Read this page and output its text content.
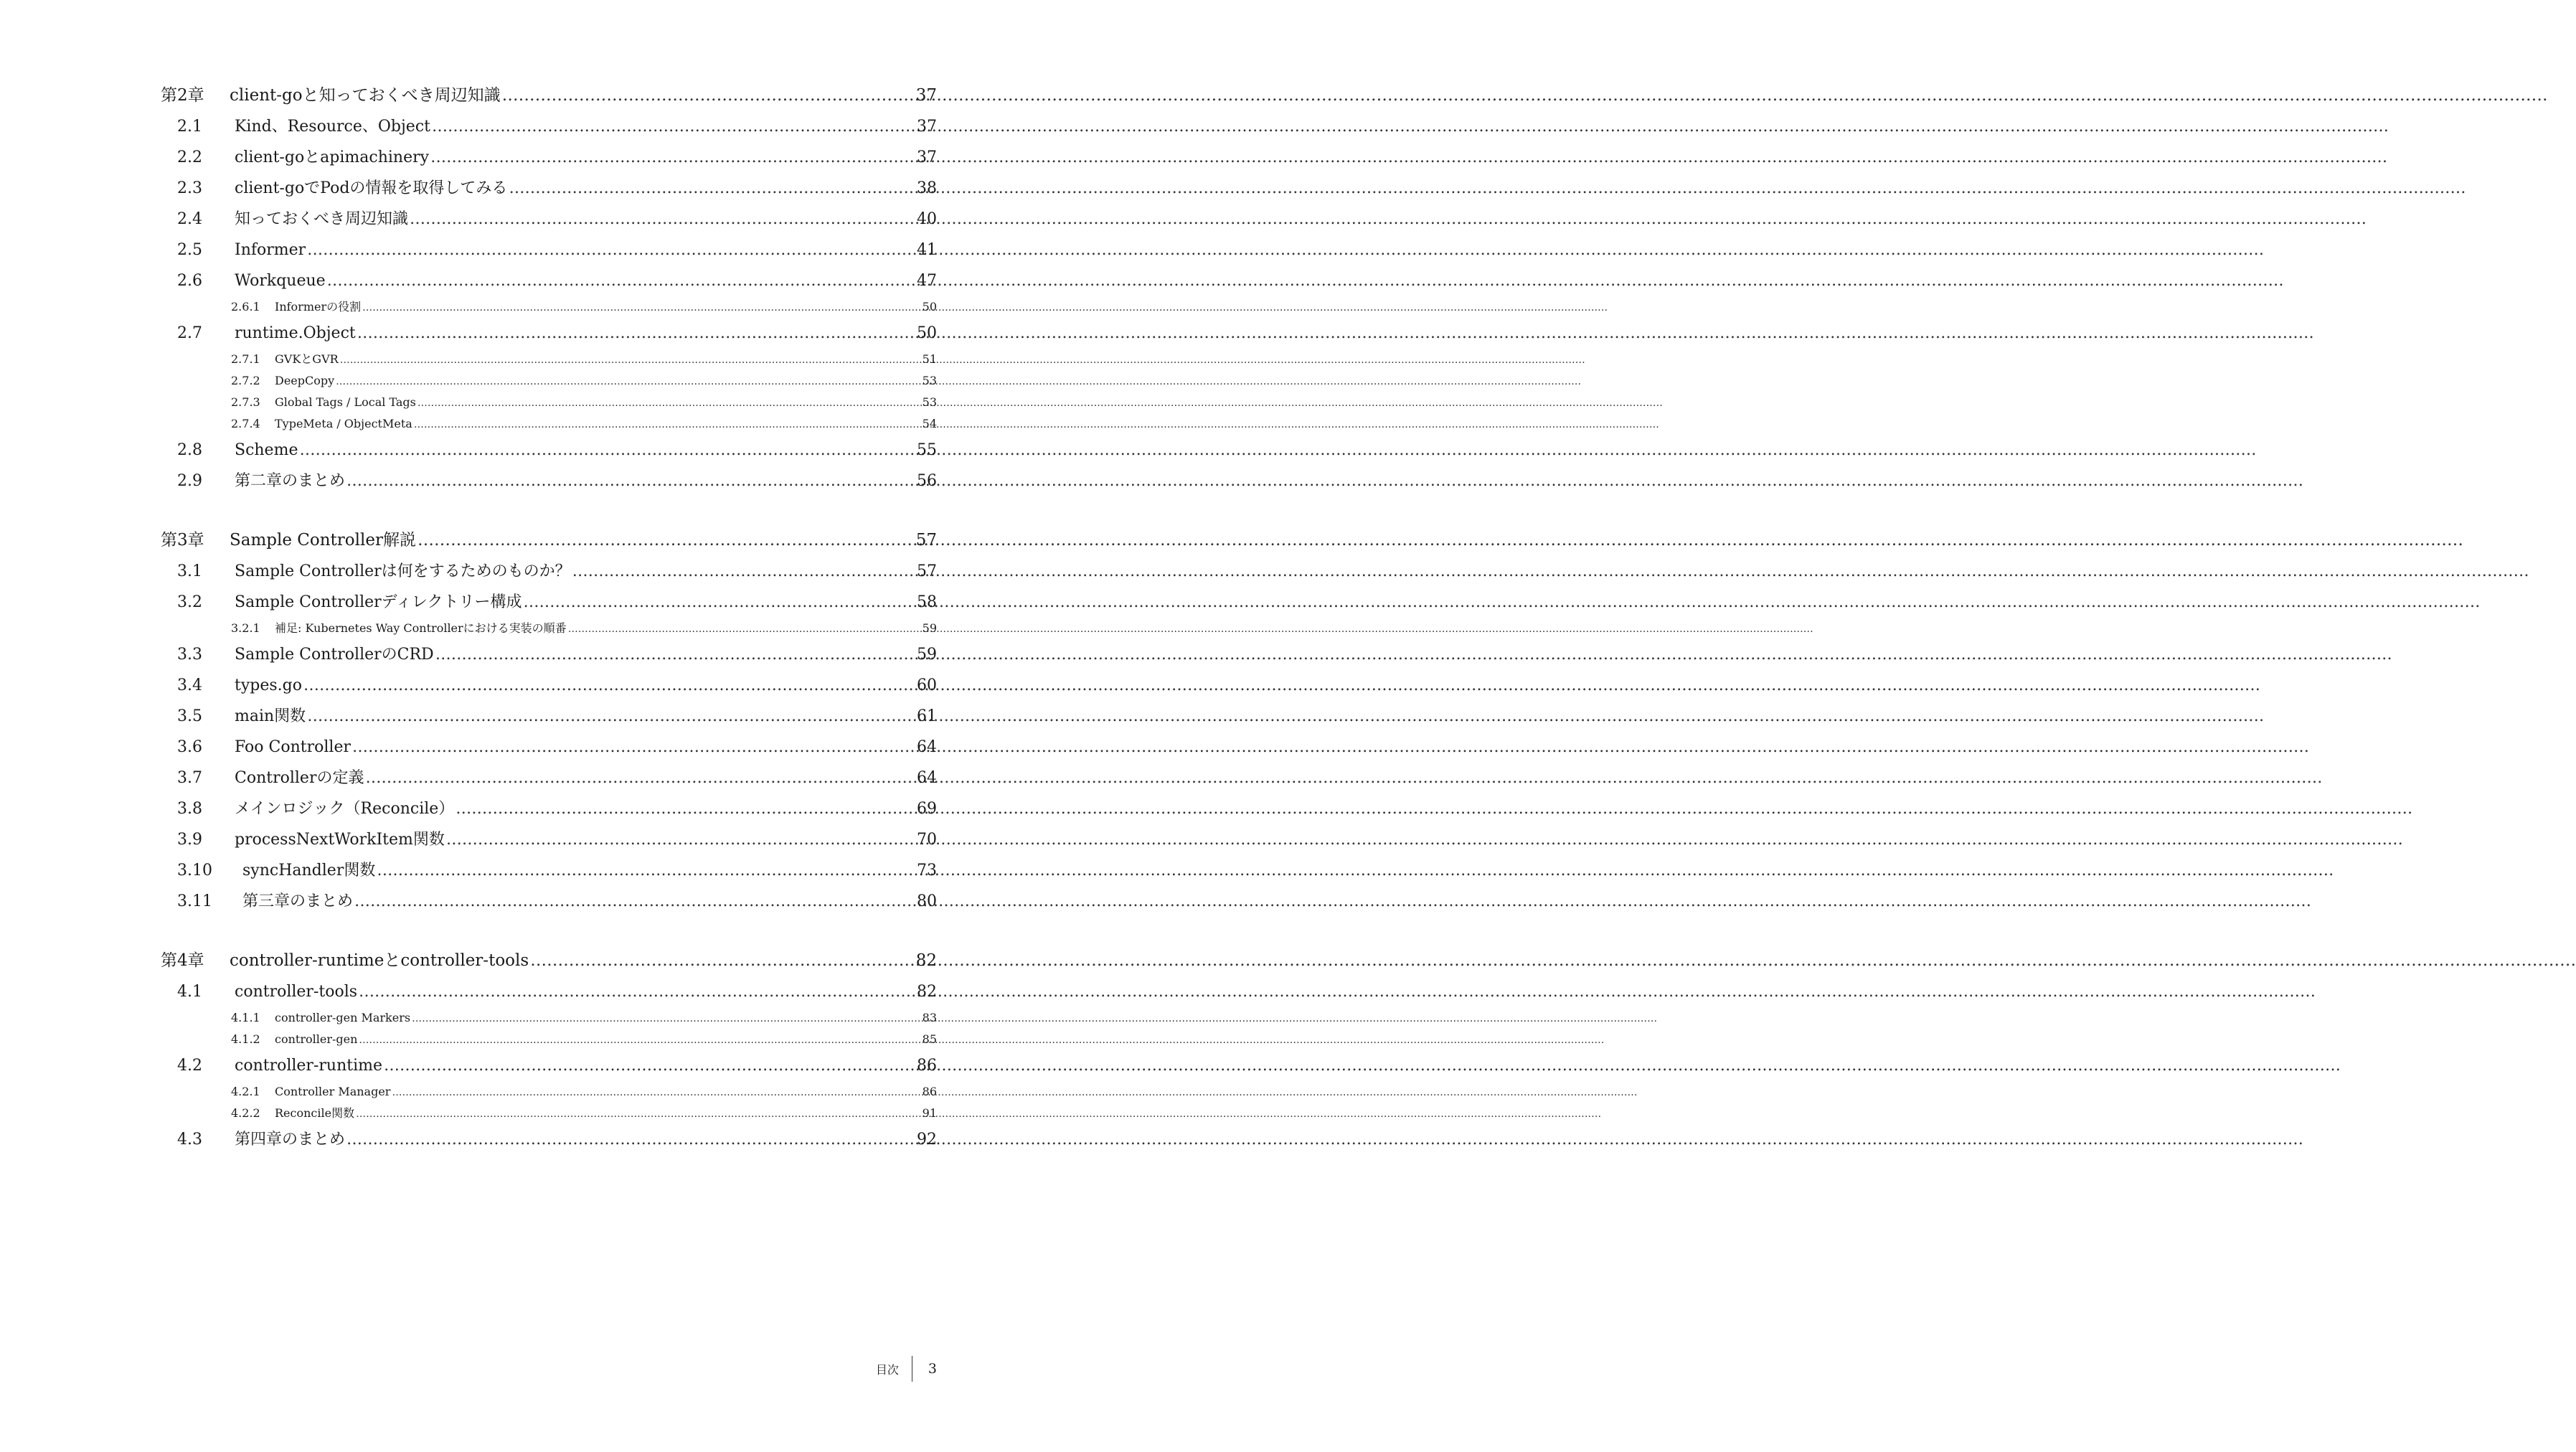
第2章	client-goと知っておくべき周辺知識 …………………………………………………………………………………………………………………………………………………………………………………………………………………………………………………………………………………………………………………………………………	37
2.1	Kind、Resource、Object …………………………………………………………………………………………………………………………………………………………………………………………………………………………………………………………………………………………………………………………………………	37
2.2	client-goとapimachinery …………………………………………………………………………………………………………………………………………………………………………………………………………………………………………………………………………………………………………………………………………	37
2.3	client-goでPodの情報を取得してみる …………………………………………………………………………………………………………………………………………………………………………………………………………………………………………………………………………………………………………………………………………	38
2.4	知っておくべき周辺知識 …………………………………………………………………………………………………………………………………………………………………………………………………………………………………………………………………………………………………………………………………………	40
2.5	Informer …………………………………………………………………………………………………………………………………………………………………………………………………………………………………………………………………………………………………………………………………………	41
2.6	Workqueue …………………………………………………………………………………………………………………………………………………………………………………………………………………………………………………………………………………………………………………………………………	47
2.6.1	Informerの役割 …………………………………………………………………………………………………………………………………………………………………………………………………………………………………………………………………………………………………………………………………………	50
2.7	runtime.Object …………………………………………………………………………………………………………………………………………………………………………………………………………………………………………………………………………………………………………………………………………	50
2.7.1	GVKとGVR …………………………………………………………………………………………………………………………………………………………………………………………………………………………………………………………………………………………………………………………………………	51
2.7.2	DeepCopy …………………………………………………………………………………………………………………………………………………………………………………………………………………………………………………………………………………………………………………………………………	53
2.7.3	Global Tags / Local Tags …………………………………………………………………………………………………………………………………………………………………………………………………………………………………………………………………………………………………………………………………………	53
2.7.4	TypeMeta / ObjectMeta …………………………………………………………………………………………………………………………………………………………………………………………………………………………………………………………………………………………………………………………………………	54
2.8	Scheme …………………………………………………………………………………………………………………………………………………………………………………………………………………………………………………………………………………………………………………………………………	55
2.9	第二章のまとめ …………………………………………………………………………………………………………………………………………………………………………………………………………………………………………………………………………………………………………………………………………	56
第3章	Sample Controller解説 …………………………………………………………………………………………………………………………………………………………………………………………………………………………………………………………………………………………………………………………………………	57
3.1	Sample Controllerは何をするためのものか？ …………………………………………………………………………………………………………………………………………………………………………………………………………………………………………………………………………………………………………………………………………	57
3.2	Sample Controllerディレクトリー構成 …………………………………………………………………………………………………………………………………………………………………………………………………………………………………………………………………………………………………………………………………………	58
3.2.1	補足: Kubernetes Way Controllerにおける実装の順番 …………………………………………………………………………………………………………………………………………………………………………………………………………………………………………………………………………………………………………………………………………	59
3.3	Sample ControllerのCRD …………………………………………………………………………………………………………………………………………………………………………………………………………………………………………………………………………………………………………………………………………	59
3.4	types.go …………………………………………………………………………………………………………………………………………………………………………………………………………………………………………………………………………………………………………………………………………	60
3.5	main関数 …………………………………………………………………………………………………………………………………………………………………………………………………………………………………………………………………………………………………………………………………………	61
3.6	Foo Controller …………………………………………………………………………………………………………………………………………………………………………………………………………………………………………………………………………………………………………………………………………	64
3.7	Controllerの定義 …………………………………………………………………………………………………………………………………………………………………………………………………………………………………………………………………………………………………………………………………………	64
3.8	メインロジック（Reconcile） …………………………………………………………………………………………………………………………………………………………………………………………………………………………………………………………………………………………………………………………………………	69
3.9	processNextWorkItem関数 …………………………………………………………………………………………………………………………………………………………………………………………………………………………………………………………………………………………………………………………………………	70
3.10	syncHandler関数 …………………………………………………………………………………………………………………………………………………………………………………………………………………………………………………………………………………………………………………………………………	73
3.11	第三章のまとめ …………………………………………………………………………………………………………………………………………………………………………………………………………………………………………………………………………………………………………………………………………	80
第4章	controller-runtimeとcontroller-tools …………………………………………………………………………………………………………………………………………………………………………………………………………………………………………………………………………………………………………………………………………	82
4.1	controller-tools …………………………………………………………………………………………………………………………………………………………………………………………………………………………………………………………………………………………………………………………………………	82
4.1.1	controller-gen Markers …………………………………………………………………………………………………………………………………………………………………………………………………………………………………………………………………………………………………………………………………………	83
4.1.2	controller-gen …………………………………………………………………………………………………………………………………………………………………………………………………………………………………………………………………………………………………………………………………………	85
4.2	controller-runtime …………………………………………………………………………………………………………………………………………………………………………………………………………………………………………………………………………………………………………………………………………	86
4.2.1	Controller Manager …………………………………………………………………………………………………………………………………………………………………………………………………………………………………………………………………………………………………………………………………………	86
4.2.2	Reconcile関数 …………………………………………………………………………………………………………………………………………………………………………………………………………………………………………………………………………………………………………………………………………	91
4.3	第四章のまとめ …………………………………………………………………………………………………………………………………………………………………………………………………………………………………………………………………………………………………………………………………………	92
目次 3
